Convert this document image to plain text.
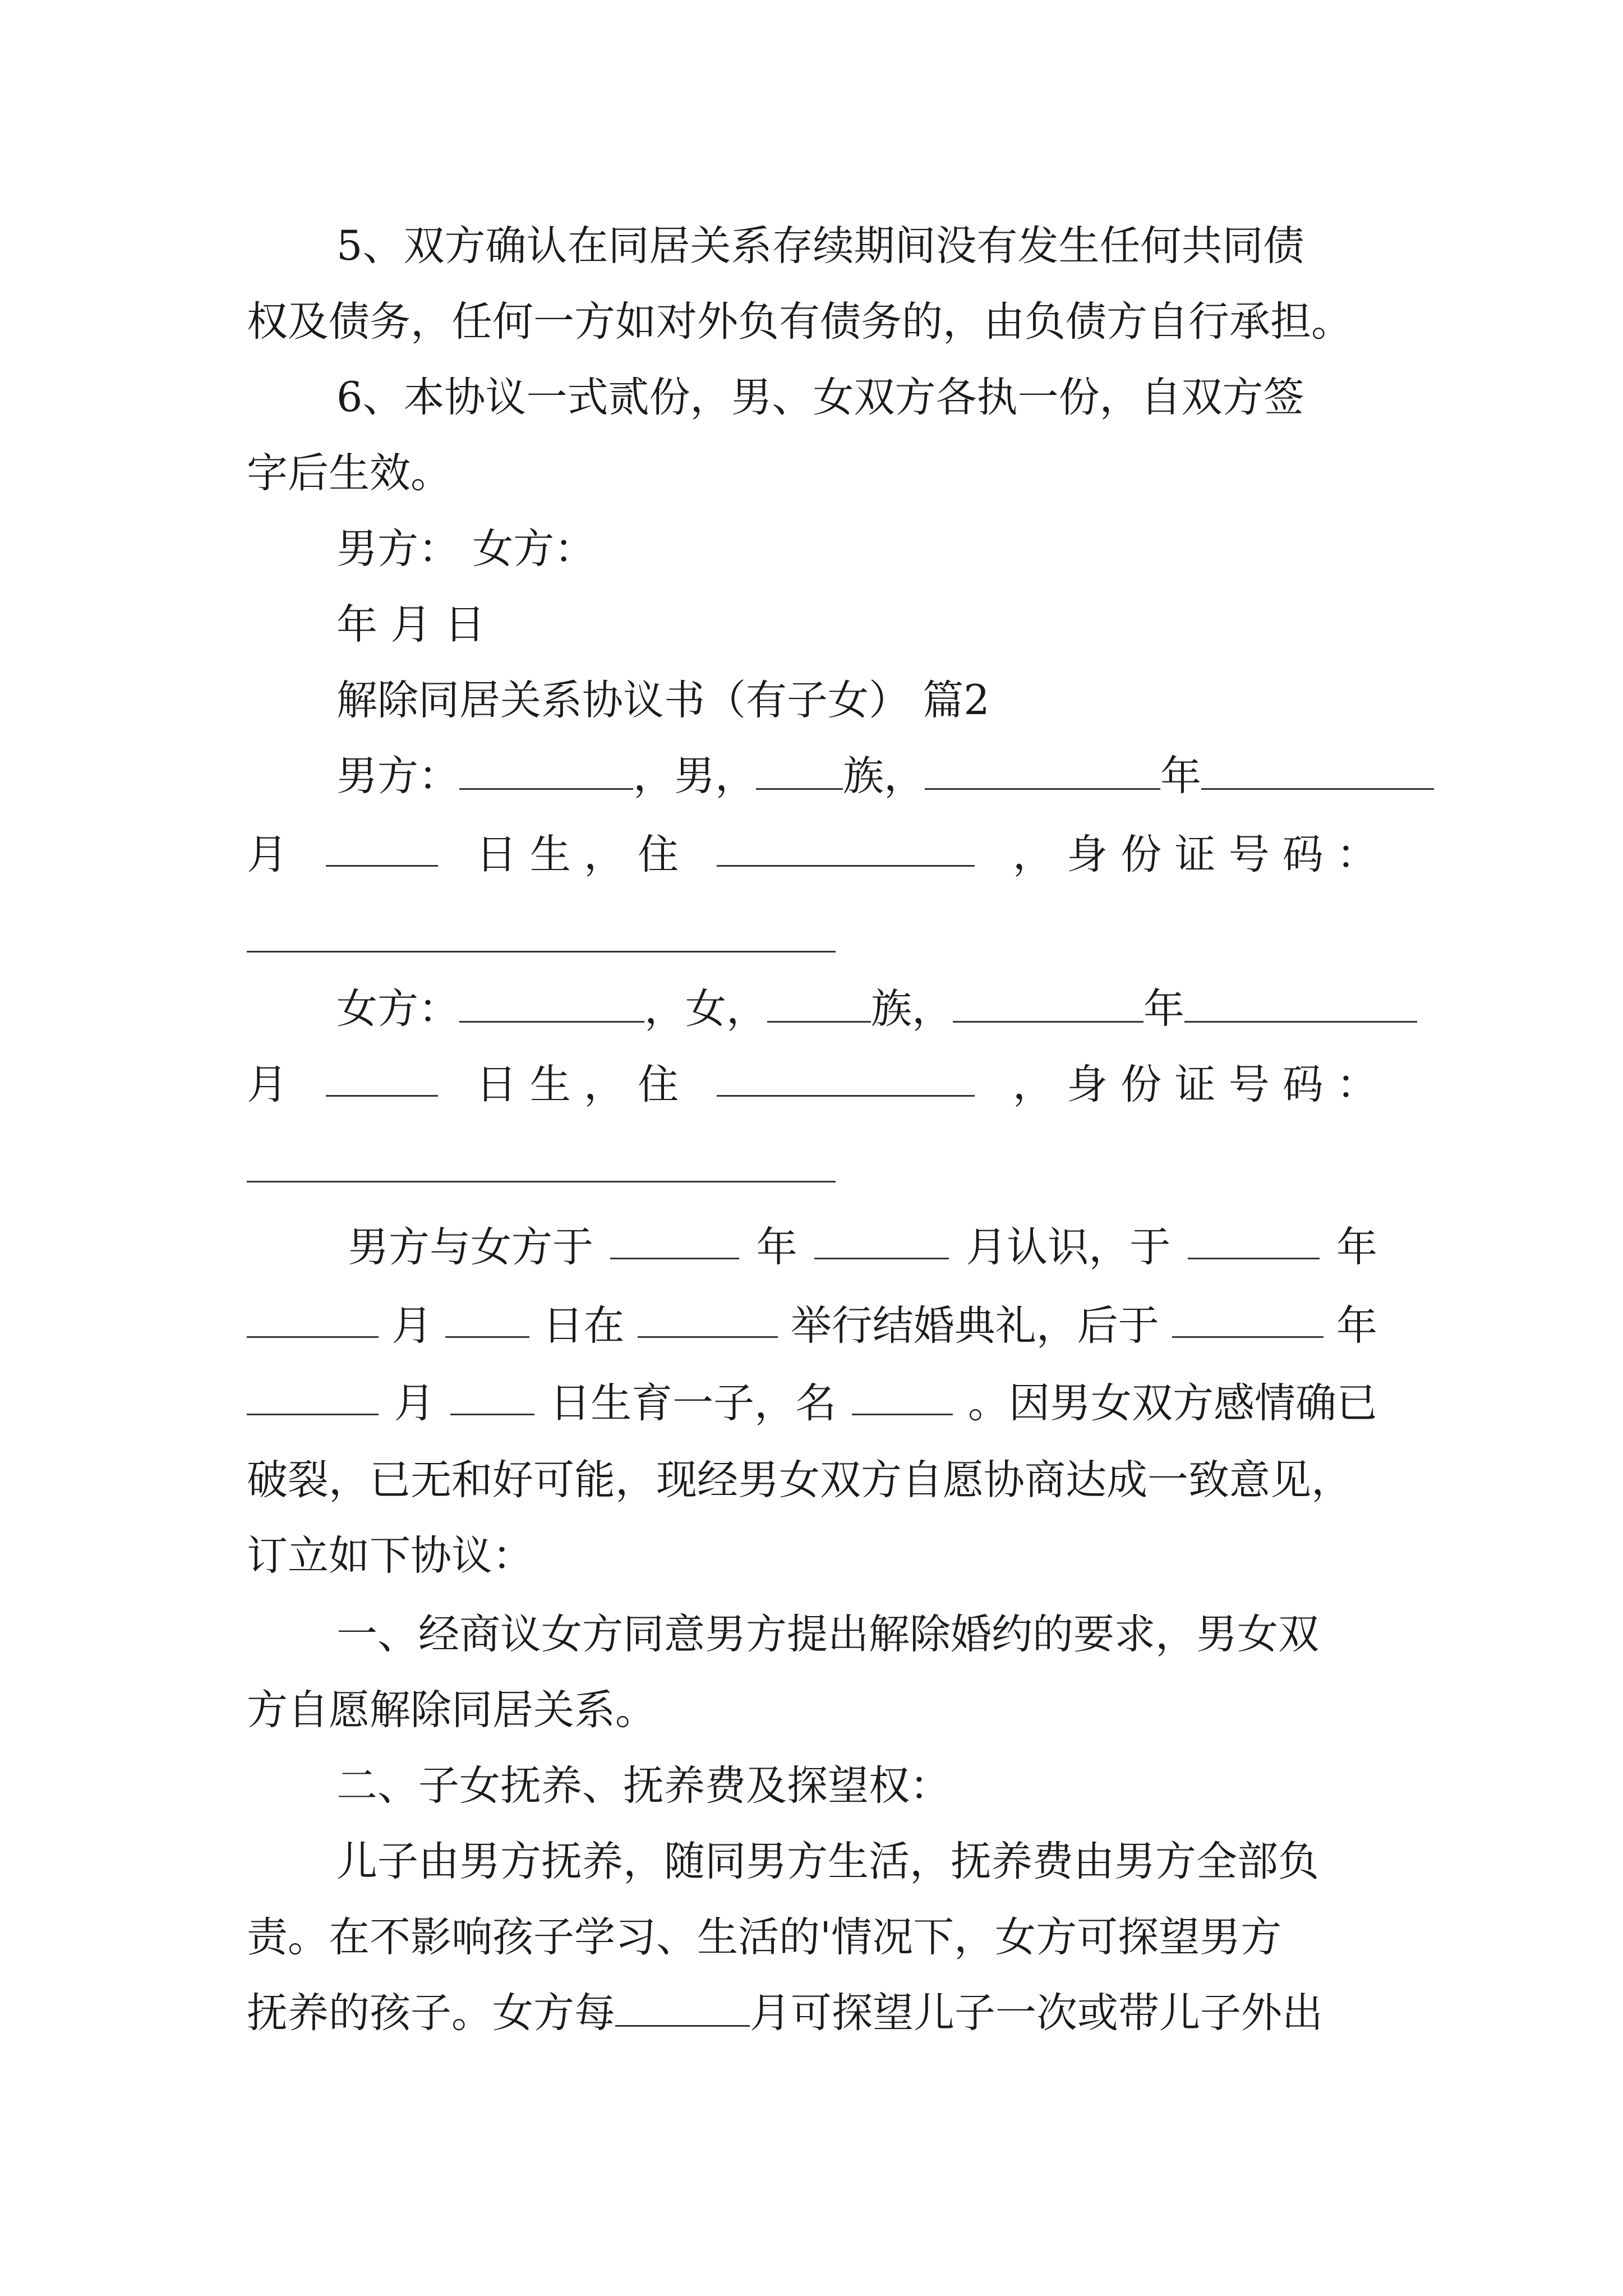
5、双方确认在同居关系存续期间没有发生任何共同债
权及债务，任何一方如对外负有债务的，由负债方自行承担。
6、本协议一式贰份，男、女双方各执一份，自双方签
字后生效。
男方： 女方：
年 月 日
解除同居关系协议书（有子女） 篇2
男方：	，男， 族，	年
月	日 生 ， 住	， 身 份 证 号 码 ：
女方：	，女，	族，	年
月	日 生 ， 住	， 身 份 证 号 码 ：
男方与女方于	年	月认识，于	年
月	日在	举行结婚典礼，后于	年
月	日生育一子，名	。因男女双方感情确已
破裂，已无和好可能，现经男女双方自愿协商达成一致意见，
订立如下协议：
一、经商议女方同意男方提出解除婚约的要求，男女双
方自愿解除同居关系。
二、子女抚养、抚养费及探望权：
儿子由男方抚养，随同男方生活，抚养费由男方全部负
责。在不影响孩子学习、生活的'情况下，女方可探望男方
抚养的孩子。女方每	月可探望儿子一次或带儿子外出
